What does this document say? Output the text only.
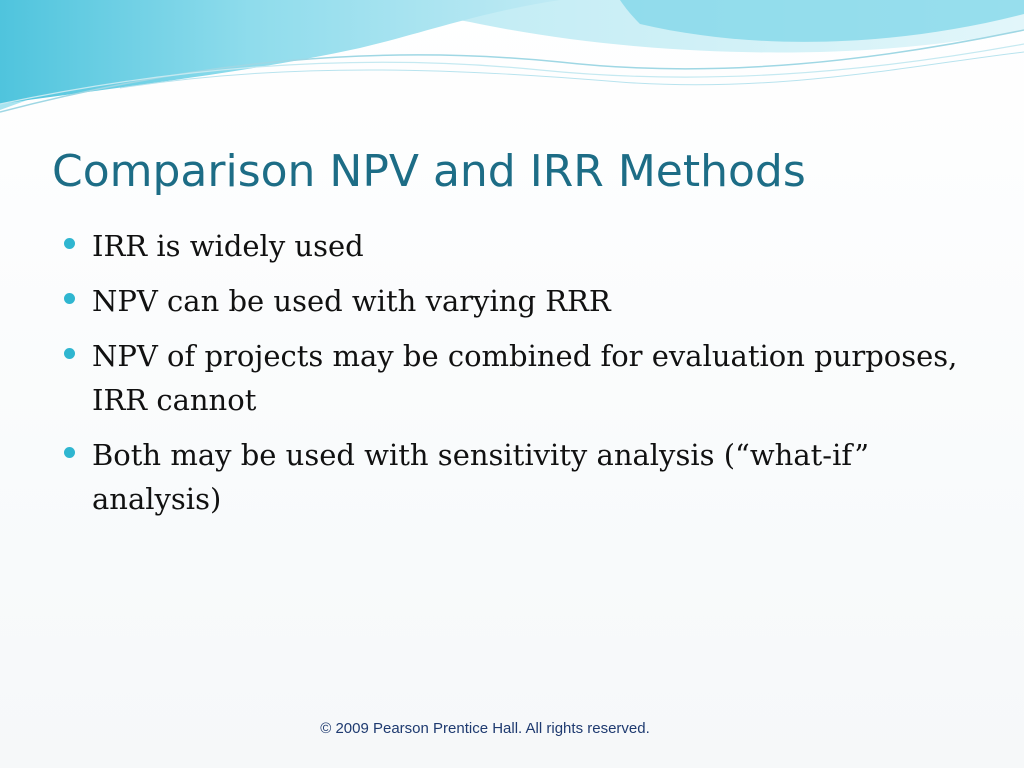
Comparison NPV and IRR Methods
IRR is widely used
NPV can be used with varying RRR
NPV of projects may be combined for evaluation purposes, IRR cannot
Both may be used with sensitivity analysis (“what-if” analysis)
© 2009 Pearson Prentice Hall. All rights reserved.
